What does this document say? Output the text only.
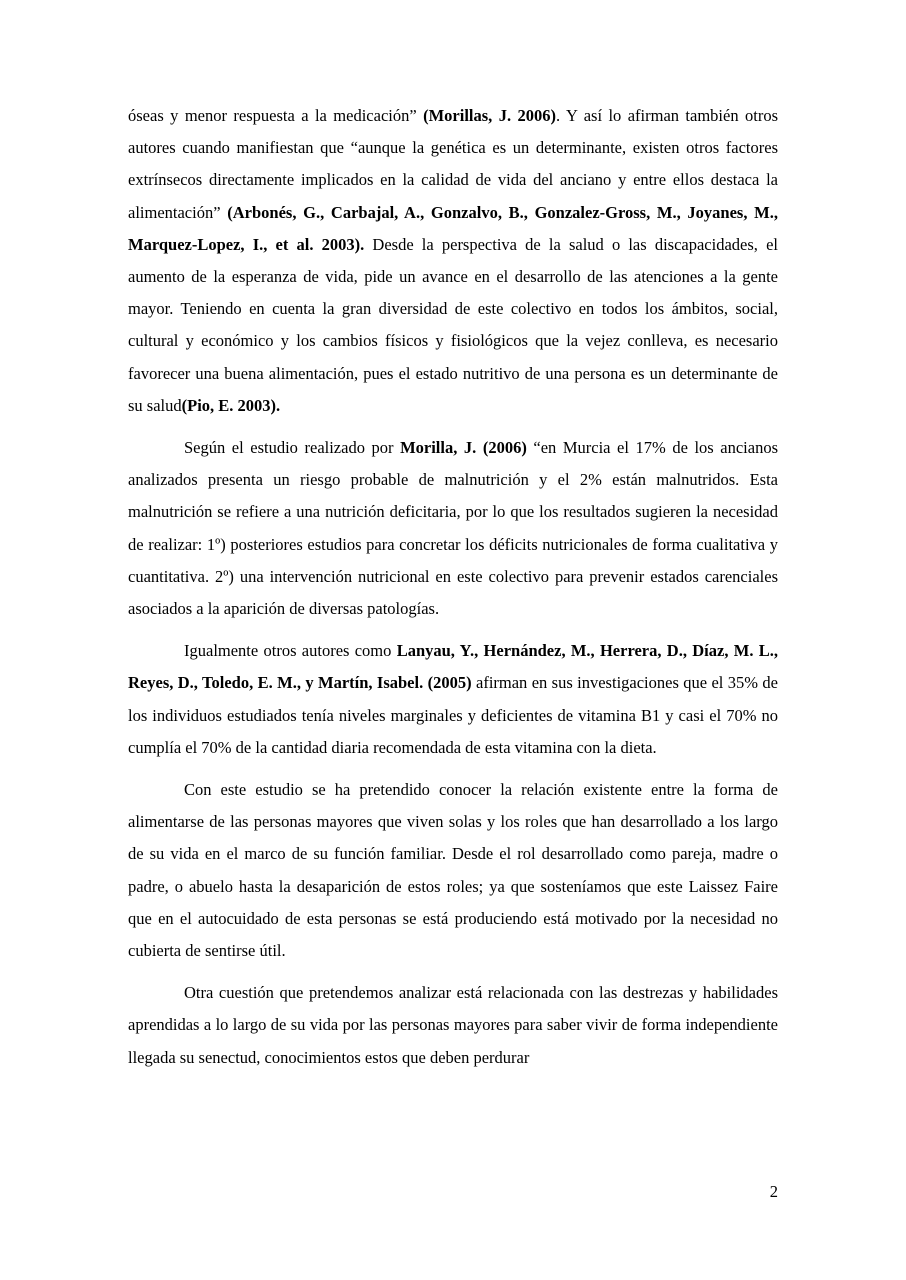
óseas y menor respuesta a la medicación” (Morillas, J. 2006). Y así lo afirman también otros autores cuando manifiestan que “aunque la genética es un determinante, existen otros factores extrínsecos directamente implicados en la calidad de vida del anciano y entre ellos destaca la alimentación” (Arbonés, G., Carbajal, A., Gonzalvo, B., Gonzalez-Gross, M., Joyanes, M., Marquez-Lopez, I., et al. 2003). Desde la perspectiva de la salud o las discapacidades, el aumento de la esperanza de vida, pide un avance en el desarrollo de las atenciones a la gente mayor. Teniendo en cuenta la gran diversidad de este colectivo en todos los ámbitos, social, cultural y económico y los cambios físicos y fisiológicos que la vejez conlleva, es necesario favorecer una buena alimentación, pues el estado nutritivo de una persona es un determinante de su salud(Pio, E. 2003).

Según el estudio realizado por Morilla, J. (2006) “en Murcia el 17% de los ancianos analizados presenta un riesgo probable de malnutrición y el 2% están malnutridos. Esta malnutrición se refiere a una nutrición deficitaria, por lo que los resultados sugieren la necesidad de realizar: 1º) posteriores estudios para concretar los déficits nutricionales de forma cualitativa y cuantitativa. 2º) una intervención nutricional en este colectivo para prevenir estados carenciales asociados a la aparición de diversas patologías.

Igualmente otros autores como Lanyau, Y., Hernández, M., Herrera, D., Díaz, M. L., Reyes, D., Toledo, E. M., y Martín, Isabel. (2005) afirman en sus investigaciones que el 35% de los individuos estudiados tenía niveles marginales y deficientes de vitamina B1 y casi el 70% no cumplía el 70% de la cantidad diaria recomendada de esta vitamina con la dieta.

Con este estudio se ha pretendido conocer la relación existente entre la forma de alimentarse de las personas mayores que viven solas y los roles que han desarrollado a los largo de su vida en el marco de su función familiar. Desde el rol desarrollado como pareja, madre o padre, o abuelo hasta la desaparición de estos roles; ya que sosteníamos que este Laissez Faire que en el autocuidado de esta personas se está produciendo está motivado por la necesidad no cubierta de sentirse útil.

Otra cuestión que pretendemos analizar está relacionada con las destrezas y habilidades aprendidas a lo largo de su vida por las personas mayores para saber vivir de forma independiente llegada su senectud, conocimientos estos que deben perdurar

2
